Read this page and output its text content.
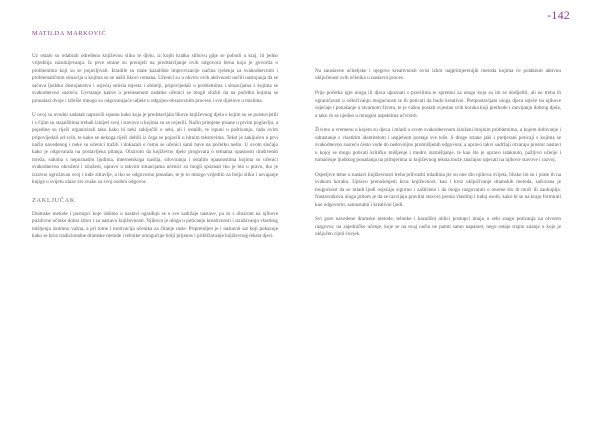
-142
MATILDA MARKOVIĆ

Uz ostalo su odabrali određenu književnu sliku te djelu, iz kojih kratku stihovu gdje se pobudi u kraj, ili jedno vrijednija razumijevanja. Iz prve strane su prenijeli na predstavljanje ovih odgovora lerna koja je govorila o problemima koji su se pojavljivali. Izradile su male kazališne improvizacije načina rješenja za svakodnevnim i problematičnim situacija u kojima su se našli likovi romana. Učenici su u okviru ovih aktivnosti uočili nastojanja da se sačuva ljudsko dostojanstvo i osjećaj smisla mjesta i obitelji, pripovijedali o problemima i situacijama s kojima se svakodnevno susreću. Uvrstanje kakve u prenesenom zadatke učenici se mogli složiti da na početku kojima se pronalazi dvoje i izbriše mnogo su odgovarajuće udjele u odgojno-obrazovnim procesu i sve dijelove u mislima.

U ovoj su uvodni zadatak napravili ispunu kako koja je predstavljala likove književnog djela s kojim su se poistovjetili i s čijim su stajalištima trebali iznijeti svoj i stavove u kojima su se uvjerili. Način primjene pisane u prvim poglavlju, a pojedine su riječi organizirali tako kako bi neki zaključili o sebi, ali i ostalih, te ispuni u poštivanju, rado ovim pripovijedali od svih, te kako se nekoga riječi dobili iz čega se pojavili u bitnim tekstovima. Tekst je zaključen u prvi način navedenog i neke su učenici tražili i dokazali o čemu se učenici sami bave na početku nešto. U ovom slučaju kako je odgovarala na postavljena pitanja. Obzirom da književno djelo progovara o temama opasnosti društvenih mreža, sukoba s nepoznatim ljudima, internetskoga nasilja, siloviranja i ostalim opasnostima kojima su učenici svakodnevno okruženi i izloženi, upravo u takvim situacijama učenici su mogli spoznati tko je bio u pravu, tko je izravno ugrožavao svoj i tuđe zdravlje, a tko se odgovorno ponašao, te je to mnogo vrijedilo za bolju sliku i usvajanje knjige u svijetu ulaze zlo svake za svoj osobni odgovor.

ZAKLJUČAK

Dramske metode i postupci koje rabimo u nastavi ugrađuju se u sve sadržaje nastave, pa su s obzirom na njihove pozitivne učinke dobar izbor i za nastavu književnosti. Njihova je uloga u poticanju kreativnosti i izražavanju vlastitog mišljenja iznimno važna, a pri tome i motivacija učenika za čitanje raste. Pripremljen je i nastavni sat koji pokazuje kako se kroz tradicionalne dramske metode i tehnike omogućuje bolji prijenos i približavanje književnog teksta djeci.

Na zaustavne učiteljske i njegove kreativnosti ovisi izbor najprimjerenijih metoda kojima će potaknuti aktivnu uključenost svih učenika u nastavni proces.

Prije početka igre uloga ili djeca upoznati s pravilima te spremni za ulogu koju su im se dodijeliti, ali ne treba ih ograničavati u odlučivanju mogućnosti te ih poticati da budu kreativni. Pretpostavljam uloga djeca utječe na njihove osjećaje i ponašanje u stvarnom životu, te je važno postati svjestan svih koraka koji prethode i razvijanju dobrog djela, a tako će se ujedno u mnogim aspektima učvrstiti.

Živimo u vremenu u kojem su djeca i mladi u svom svakodnevnom izloženi brojnim problemima, u kojem dobivanje i odrastanje s vlastitim identitetom i uspjehom postaje sve teže. S druge strane jaki i pretjerani poticaji s kojima se svakodnevno susreću često vode do nedovoljno promišljenih odgovora, a upravo takvi sadržaji otvaraju prostor nastavi u kojoj se mogu poticati kritičko mišljenje i mudro razmišljanje, te kao što je upravo istaknuto, pažljivo učenje i tumačenje ljudskog ponašanja na primjerima iz književnog teksta može značajno utjecati na njihove stavove i razvoj.

Osjetljive teme u nastavi književnosti treba prihvatiti mladima jer su one dio njihova svijeta, bliske im su i prate ih na svakom koraku. Upravo prenošenjem kroz književnost, kao i kroz uključivanje dramskih metoda, sačuvana je mogućnost da se mladi ljudi osjećaju sigurno i zaštićeno i da mogu razgovarati o onome što ih muči ili zaokuplja. Nastavnikova uloga pritom je da se razvijaju pravilni stavovi prema vlastitoj i tuđoj osobi, kako bi se na kraju formirali kao odgovorni, samostalni i kreativni ljudi.

Svi gore navedene dramske metode, tehnike i kazališni oblici postupci imaju u sebi snagu poticanja na otvoren razgovor, na zajedničko učenje, koje se na ovaj način ne pamti samo napamet, nego ostaje trajno znanje u koje je uključen cijeli čovjek.
